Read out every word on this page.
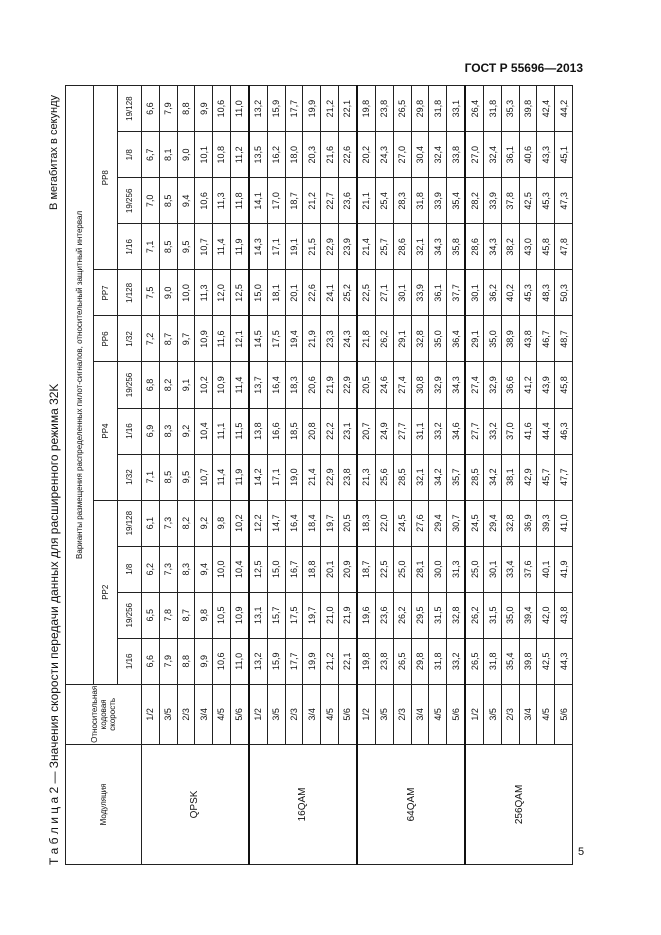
ГОСТ Р 55696—2013
Т а б л и ц а 2 — Значения скорости передачи данных для расширенного режима 32K
В мегабитах в секунду
Модуляция	Относительная кодовая скорость	Варианты размещения распределенных пилот-сигналов, относительный защитный интервал												
		PP2				PP4			PP6	PP7	PP8			
		1/16	19/256	1/8	19/128	1/32	1/16	19/256	1/32	1/128	1/16	19/256	1/8	19/128
QPSK	1/2	6,6	6,5	6,2	6,1	7,1	6,9	6,8	7,2	7,5	7,1	7,0	6,7	6,6
	3/5	7,9	7,8	7,3	7,3	8,5	8,3	8,2	8,7	9,0	8,5	8,5	8,1	7,9
	2/3	8,8	8,7	8,3	8,2	9,5	9,2	9,1	9,7	10,0	9,5	9,4	9,0	8,8
	3/4	9,9	9,8	9,4	9,2	10,7	10,4	10,2	10,9	11,3	10,7	10,6	10,1	9,9
	4/5	10,6	10,5	10,0	9,8	11,4	11,1	10,9	11,6	12,0	11,4	11,3	10,8	10,6
	5/6	11,0	10,9	10,4	10,2	11,9	11,5	11,4	12,1	12,5	11,9	11,8	11,2	11,0
16QAM	1/2	13,2	13,1	12,5	12,2	14,2	13,8	13,7	14,5	15,0	14,3	14,1	13,5	13,2
	3/5	15,9	15,7	15,0	14,7	17,1	16,6	16,4	17,5	18,1	17,1	17,0	16,2	15,9
	2/3	17,7	17,5	16,7	16,4	19,0	18,5	18,3	19,4	20,1	19,1	18,7	18,0	17,7
	3/4	19,9	19,7	18,8	18,4	21,4	20,8	20,6	21,9	22,6	21,5	21,2	20,3	19,9
	4/5	21,2	21,0	20,1	19,7	22,9	22,2	21,9	23,3	24,1	22,9	22,7	21,6	21,2
	5/6	22,1	21,9	20,9	20,5	23,8	23,1	22,9	24,3	25,2	23,9	23,6	22,6	22,1
64QAM	1/2	19,8	19,6	18,7	18,3	21,3	20,7	20,5	21,8	22,5	21,4	21,1	20,2	19,8
	3/5	23,8	23,6	22,5	22,0	25,6	24,9	24,6	26,2	27,1	25,7	25,4	24,3	23,8
	2/3	26,5	26,2	25,0	24,5	28,5	27,7	27,4	29,1	30,1	28,6	28,3	27,0	26,5
	3/4	29,8	29,5	28,1	27,6	32,1	31,1	30,8	32,8	33,9	32,1	31,8	30,4	29,8
	4/5	31,8	31,5	30,0	29,4	34,2	33,2	32,9	35,0	36,1	34,3	33,9	32,4	31,8
	5/6	33,2	32,8	31,3	30,7	35,7	34,6	34,3	36,4	37,7	35,8	35,4	33,8	33,1
256QAM	1/2	26,5	26,2	25,0	24,5	28,5	27,7	27,4	29,1	30,1	28,6	28,2	27,0	26,4
	3/5	31,8	31,5	30,1	29,4	34,2	33,2	32,9	35,0	36,2	34,3	33,9	32,4	31,8
	2/3	35,4	35,0	33,4	32,8	38,1	37,0	36,6	38,9	40,2	38,2	37,8	36,1	35,3
	3/4	39,8	39,4	37,6	36,9	42,9	41,6	41,2	43,8	45,3	43,0	42,5	40,6	39,8
	4/5	42,5	42,0	40,1	39,3	45,7	44,4	43,9	46,7	48,3	45,8	45,3	43,3	42,4
	5/6	44,3	43,8	41,9	41,0	47,7	46,3	45,8	48,7	50,3	47,8	47,3	45,1	44,2
5
